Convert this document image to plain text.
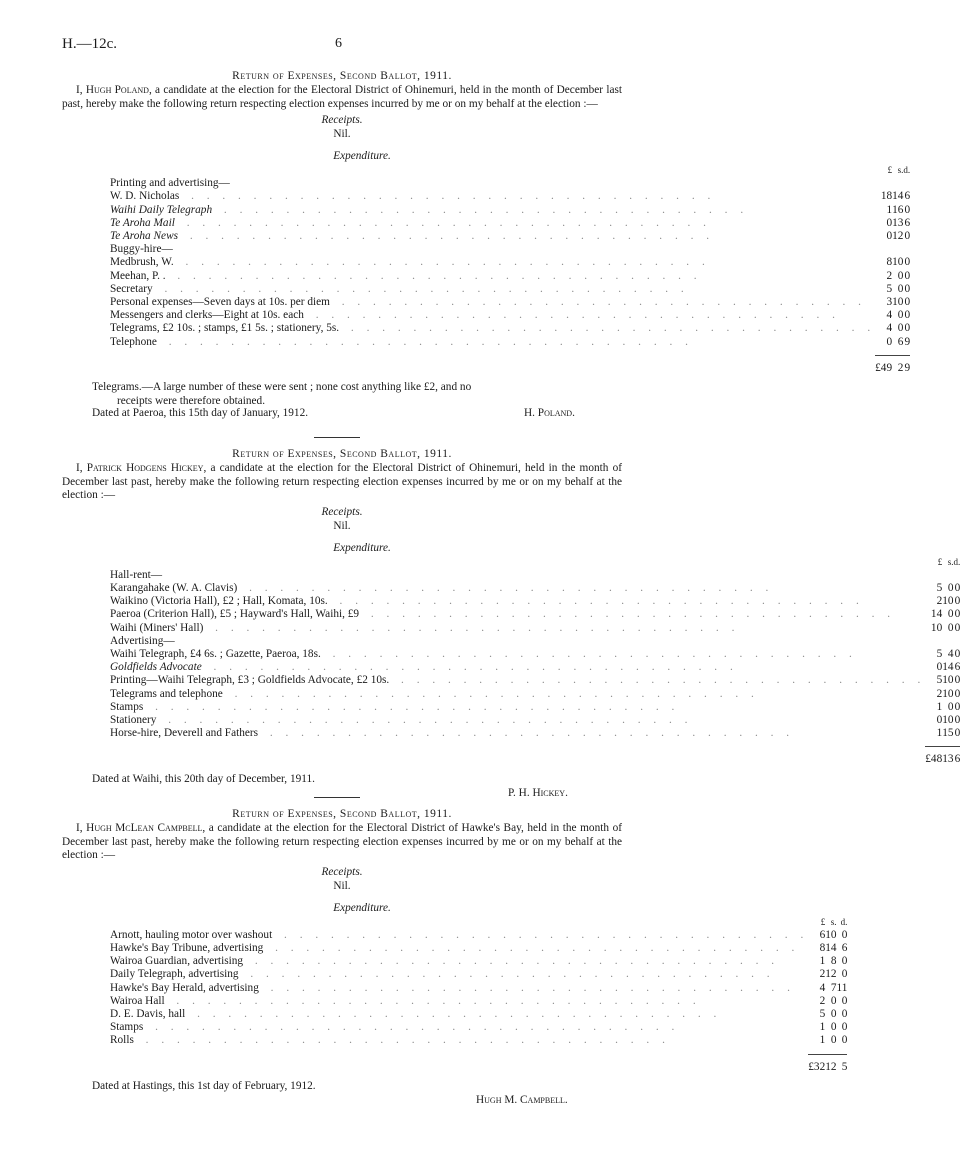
H.—12c.	6
Return of Expenses, Second Ballot, 1911.
I, Hugh Poland, a candidate at the election for the Electoral District of Ohinemuri, held in the month of December last past, hereby make the following return respecting election expenses incurred by me or on my behalf at the election :—
Receipts.
Nil.
Expenditure.
	£	s.	d.
Printing and advertising—			
W. D. Nicholas . . . . . . . . . . . . . . . . . . . . . . . . . . . . . . . . . .	18	14	6
Waihi Daily Telegraph . . . . . . . . . . . . . . . . . . . . . . . . . . . . . . . . . .	1	16	0
Te Aroha Mail . . . . . . . . . . . . . . . . . . . . . . . . . . . . . . . . . .	0	13	6
Te Aroha News . . . . . . . . . . . . . . . . . . . . . . . . . . . . . . . . . .	0	12	0
Buggy-hire—			
Medbrush, W. . . . . . . . . . . . . . . . . . . . . . . . . . . . . . . . . . .	8	10	0
Meehan, P. . . . . . . . . . . . . . . . . . . . . . . . . . . . . . . . . . . .	2	0	0
Secretary . . . . . . . . . . . . . . . . . . . . . . . . . . . . . . . . . .	5	0	0
Personal expenses—Seven days at 10s. per diem . . . . . . . . . . . . . . . . . . . . . . . . . . . . . . . . . .	3	10	0
Messengers and clerks—Eight at 10s. each . . . . . . . . . . . . . . . . . . . . . . . . . . . . . . . . . .	4	0	0
Telegrams, £2 10s. ; stamps, £1 5s. ; stationery, 5s. . . . . . . . . . . . . . . . . . . . . . . . . . . . . . . . . . .	4	0	0
Telephone . . . . . . . . . . . . . . . . . . . . . . . . . . . . . . . . . .	0	6	9

	£49	2	9
Telegrams.—A large number of these were sent ; none cost anything like £2, and no
receipts were therefore obtained.
Dated at Paeroa, this 15th day of January, 1912.	H. Poland.
Return of Expenses, Second Ballot, 1911.
I, Patrick Hodgens Hickey, a candidate at the election for the Electoral District of Ohinemuri, held in the month of December last past, hereby make the following return respecting election expenses incurred by me or on my behalf at the election :—
Receipts.
Nil.
Expenditure.
	£	s.	d.
Hall-rent—			
Karangahake (W. A. Clavis) . . . . . . . . . . . . . . . . . . . . . . . . . . . . . . . . . .	5	0	0
Waikino (Victoria Hall), £2 ; Hall, Komata, 10s. . . . . . . . . . . . . . . . . . . . . . . . . . . . . . . . . . .	2	10	0
Paeroa (Criterion Hall), £5 ; Hayward's Hall, Waihi, £9 . . . . . . . . . . . . . . . . . . . . . . . . . . . . . . . . . .	14	0	0
Waihi (Miners' Hall) . . . . . . . . . . . . . . . . . . . . . . . . . . . . . . . . . .	10	0	0
Advertising—			
Waihi Telegraph, £4 6s. ; Gazette, Paeroa, 18s. . . . . . . . . . . . . . . . . . . . . . . . . . . . . . . . . . .	5	4	0
Goldfields Advocate . . . . . . . . . . . . . . . . . . . . . . . . . . . . . . . . . .	0	14	6
Printing—Waihi Telegraph, £3 ; Goldfields Advocate, £2 10s. . . . . . . . . . . . . . . . . . . . . . . . . . . . . . . . . . .	5	10	0
Telegrams and telephone . . . . . . . . . . . . . . . . . . . . . . . . . . . . . . . . . .	2	10	0
Stamps . . . . . . . . . . . . . . . . . . . . . . . . . . . . . . . . . .	1	0	0
Stationery . . . . . . . . . . . . . . . . . . . . . . . . . . . . . . . . . .	0	10	0
Horse-hire, Deverell and Fathers . . . . . . . . . . . . . . . . . . . . . . . . . . . . . . . . . .	1	15	0

	£48	13	6
Dated at Waihi, this 20th day of December, 1911.
P. H. Hickey.
Return of Expenses, Second Ballot, 1911.
I, Hugh McLean Campbell, a candidate at the election for the Electoral District of Hawke's Bay, held in the month of December last past, hereby make the following return respecting election expenses incurred by me or on my behalf at the election :—
Receipts.
Nil.
Expenditure.
	£	s.	d.
Arnott, hauling motor over washout . . . . . . . . . . . . . . . . . . . . . . . . . . . . . . . . . .	6	10	0
Hawke's Bay Tribune, advertising . . . . . . . . . . . . . . . . . . . . . . . . . . . . . . . . . .	8	14	6
Wairoa Guardian, advertising . . . . . . . . . . . . . . . . . . . . . . . . . . . . . . . . . .	1	8	0
Daily Telegraph, advertising . . . . . . . . . . . . . . . . . . . . . . . . . . . . . . . . . .	2	12	0
Hawke's Bay Herald, advertising . . . . . . . . . . . . . . . . . . . . . . . . . . . . . . . . . .	4	7	11
Wairoa Hall . . . . . . . . . . . . . . . . . . . . . . . . . . . . . . . . . .	2	0	0
D. E. Davis, hall . . . . . . . . . . . . . . . . . . . . . . . . . . . . . . . . . .	5	0	0
Stamps . . . . . . . . . . . . . . . . . . . . . . . . . . . . . . . . . .	1	0	0
Rolls . . . . . . . . . . . . . . . . . . . . . . . . . . . . . . . . . .	1	0	0

	£32	12	5
Dated at Hastings, this 1st day of February, 1912.
Hugh M. Campbell.
